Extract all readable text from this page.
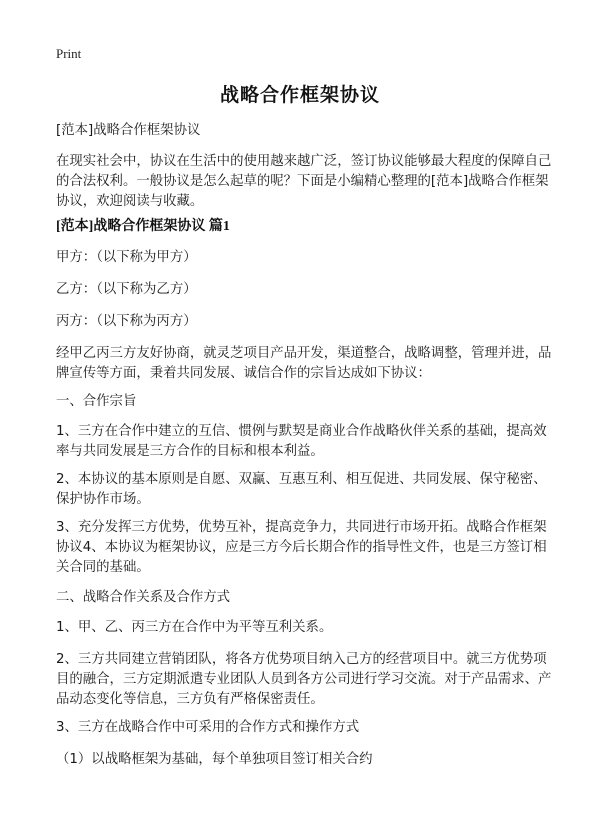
Print
战略合作框架协议
[范本]战略合作框架协议
在现实社会中，协议在生活中的使用越来越广泛，签订协议能够最大程度的保障自己的合法权利。一般协议是怎么起草的呢？下面是小编精心整理的[范本]战略合作框架协议，欢迎阅读与收藏。
[范本]战略合作框架协议 篇1
甲方：（以下称为甲方）
乙方：（以下称为乙方）
丙方：（以下称为丙方）
经甲乙丙三方友好协商，就灵芝项目产品开发，渠道整合，战略调整，管理并进，品牌宣传等方面，秉着共同发展、诚信合作的宗旨达成如下协议：
一、合作宗旨
1、三方在合作中建立的互信、惯例与默契是商业合作战略伙伴关系的基础，提高效率与共同发展是三方合作的目标和根本利益。
2、本协议的基本原则是自愿、双赢、互惠互利、相互促进、共同发展、保守秘密、保护协作市场。
3、充分发挥三方优势，优势互补，提高竞争力，共同进行市场开拓。战略合作框架协议4、本协议为框架协议，应是三方今后长期合作的指导性文件，也是三方签订相关合同的基础。
二、战略合作关系及合作方式
1、甲、乙、丙三方在合作中为平等互利关系。
2、三方共同建立营销团队，将各方优势项目纳入己方的经营项目中。就三方优势项目的融合，三方定期派遣专业团队人员到各方公司进行学习交流。对于产品需求、产品动态变化等信息，三方负有严格保密责任。
3、三方在战略合作中可采用的合作方式和操作方式
（1）以战略框架为基础，每个单独项目签订相关合约
